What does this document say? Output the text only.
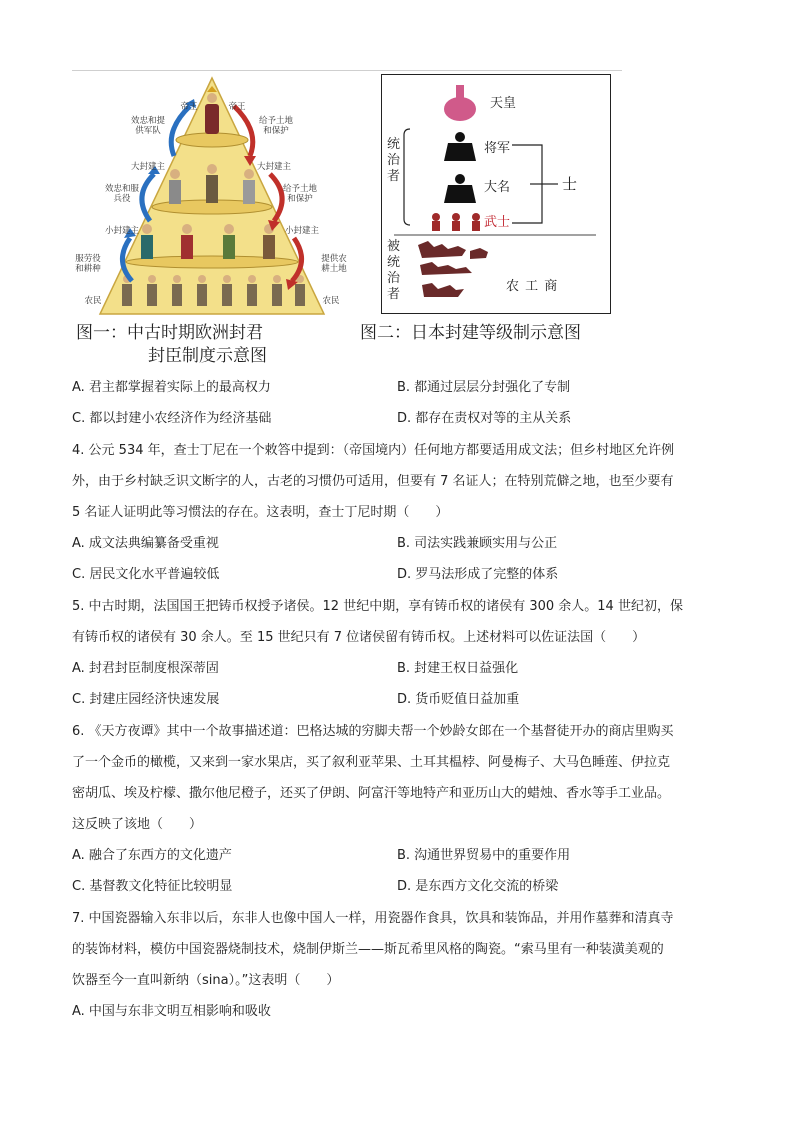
帝王	帝王
效忠和提供军队
给予土地和保护
大封建主	大封建主
效忠和服兵役
给予土地和保护
小封建主	小封建主
服劳役和耕种
提供农耕土地
农民	农民
图一：中古时期欧洲封君
封臣制度示意图
天皇
将军
大名
武士
士
农 工 商
统治者
被统治者
图二：日本封建等级制示意图
A. 君主都掌握着实际上的最高权力	B. 都通过层层分封强化了专制
C. 都以封建小农经济作为经济基础	D. 都存在责权对等的主从关系
4. 公元 534 年，查士丁尼在一个敕答中提到：（帝国境内）任何地方都要适用成文法；但乡村地区允许例
外，由于乡村缺乏识文断字的人，古老的习惯仍可适用，但要有 7 名证人；在特别荒僻之地，也至少要有
5 名证人证明此等习惯法的存在。这表明，查士丁尼时期（　　）
A. 成文法典编纂备受重视	B. 司法实践兼顾实用与公正
C. 居民文化水平普遍较低	D. 罗马法形成了完整的体系
5. 中古时期，法国国王把铸币权授予诸侯。12 世纪中期，享有铸币权的诸侯有 300 余人。14 世纪初，保
有铸币权的诸侯有 30 余人。至 15 世纪只有 7 位诸侯留有铸币权。上述材料可以佐证法国（　　）
A. 封君封臣制度根深蒂固	B. 封建王权日益强化
C. 封建庄园经济快速发展	D. 货币贬值日益加重
6. 《天方夜谭》其中一个故事描述道：巴格达城的穷脚夫帮一个妙龄女郎在一个基督徒开办的商店里购买
了一个金币的橄榄，又来到一家水果店，买了叙利亚苹果、土耳其榅桲、阿曼梅子、大马色睡莲、伊拉克
密胡瓜、埃及柠檬、撒尔他尼橙子，还买了伊朗、阿富汗等地特产和亚历山大的蜡烛、香水等手工业品。
这反映了该地（　　）
A. 融合了东西方的文化遗产	B. 沟通世界贸易中的重要作用
C. 基督教文化特征比较明显	D. 是东西方文化交流的桥梁
7. 中国瓷器输入东非以后，东非人也像中国人一样，用瓷器作食具，饮具和装饰品，并用作墓葬和清真寺
的装饰材料，模仿中国瓷器烧制技术，烧制伊斯兰——斯瓦希里风格的陶瓷。“索马里有一种装潢美观的
饮器至今一直叫新纳（sina）。”这表明（　　）
A. 中国与东非文明互相影响和吸收
